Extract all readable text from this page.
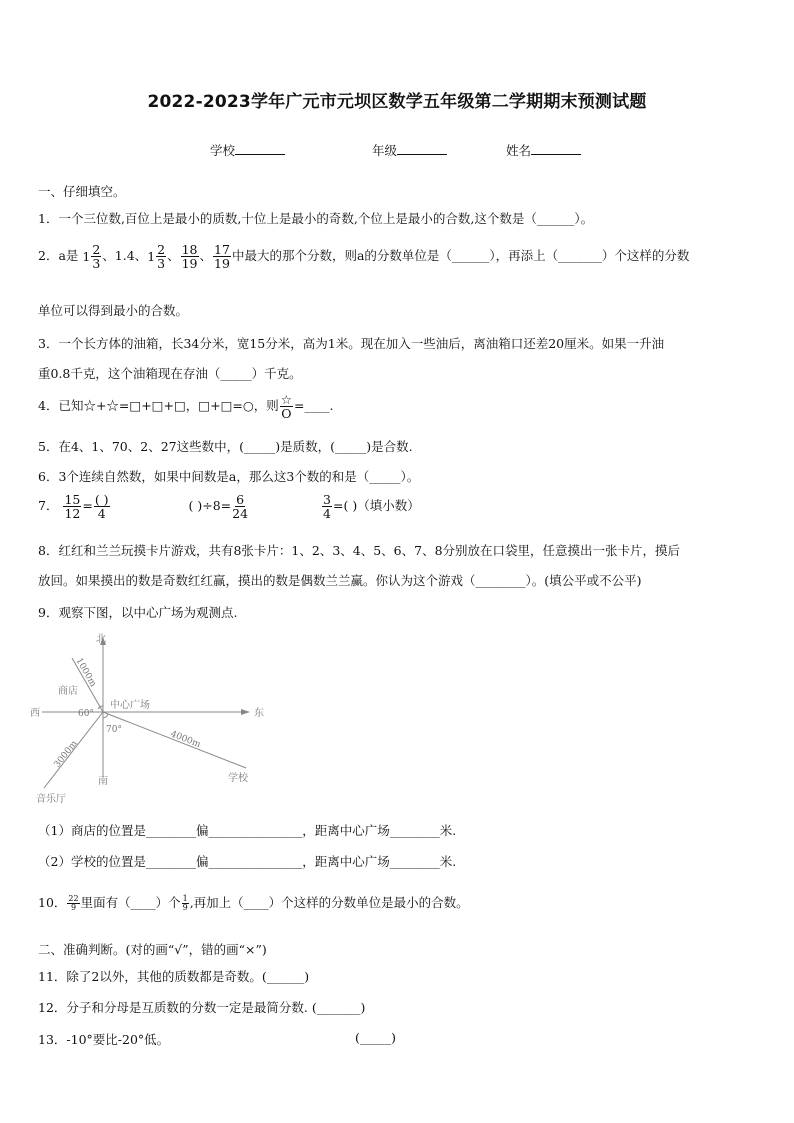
2022-2023学年广元市元坝区数学五年级第二学期期末预测试题
学校	年级	姓名
一、仔细填空。
1．一个三位数,百位上是最小的质数,十位上是最小的奇数,个位上是最小的合数,这个数是（______）。
2．a是 $1 \frac{2}{3}$ 、1.4、 $1 \frac{2}{3}$ 、 $\frac{18}{19}$ 、 $\frac{17}{19}$ 中最大的那个分数，则a的分数单位是（______），再添上（_______）个这样的分数
单位可以得到最小的合数。
3．一个长方体的油箱，长34分米，宽15分米，高为1米。现在加入一些油后，离油箱口还差20厘米。如果一升油
重0.8千克，这个油箱现在存油（_____）千克。
4．已知☆+☆=□+□+□，□+□=○，则 $\frac{☆}{O}$ =____.
5．在4、1、70、2、27这些数中，(_____)是质数，(_____)是合数.
6．3个连续自然数，如果中间数是a，那么这3个数的和是（_____）。
7． $\frac{15}{12} = \frac{( )}{4}$	( )$\div 8= \frac{6}{24}$
	$\frac{3}{4}$ =( )（填小数）
8．红红和兰兰玩摸卡片游戏，共有8张卡片：1、2、3、4、5、6、7、8分别放在口袋里，任意摸出一张卡片，摸后
放回。如果摸出的数是奇数红红赢，摸出的数是偶数兰兰赢。你认为这个游戏（________）。(填公平或不公平)
9．观察下图，以中心广场为观测点.
北
南
西	东
中心广场
商店
学校
音乐厅
60°
70°
1000m
3000m	4000m
（1）商店的位置是________偏_______________，距离中心广场________米.
（2）学校的位置是________偏_______________，距离中心广场________米.
10． $\frac{22}{9}$ 里面有（____）个 $\frac{1}{9}$ ,再加上（____）个这样的分数单位是最小的合数。
二、准确判断。(对的画“√”，错的画“×”)
11．除了2以外，其他的质数都是奇数。(______)
12．分子和分母是互质数的分数一定是最简分数. (_______)
13．-10°要比-20°低。	(_____)
